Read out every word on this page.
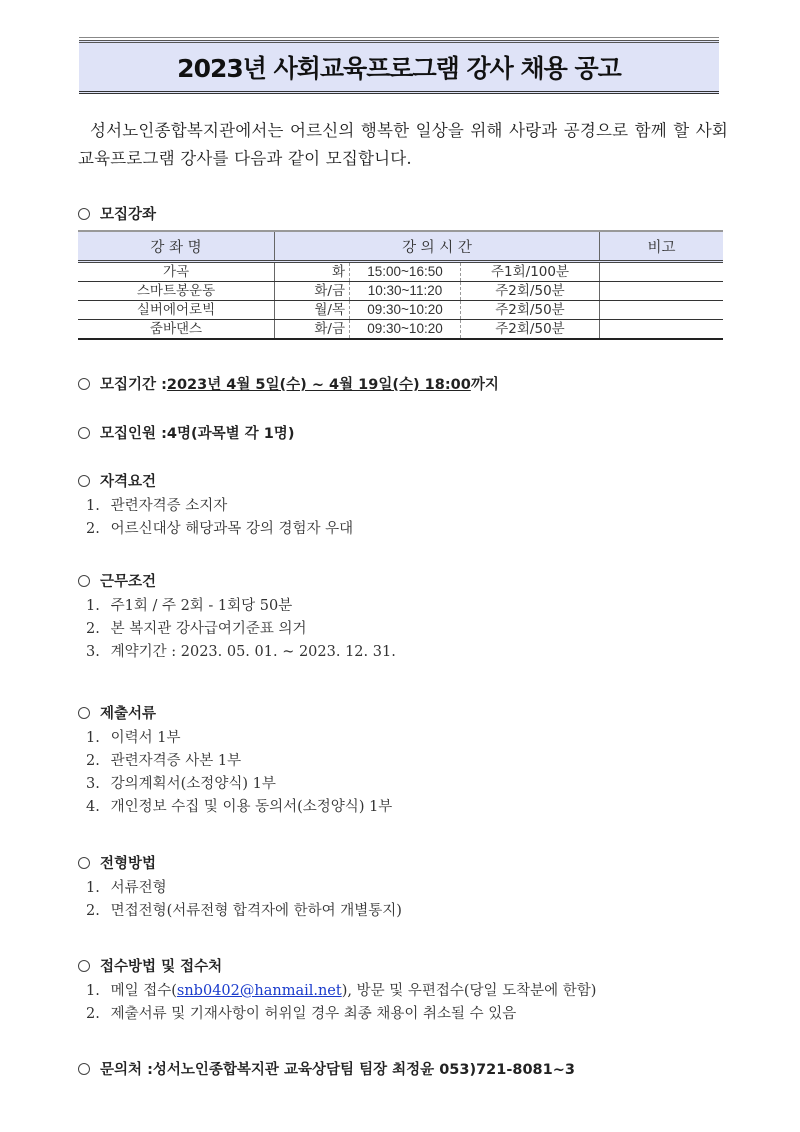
2023년 사회교육프로그램 강사 채용 공고

성서노인종합복지관에서는 어르신의 행복한 일상을 위해 사랑과 공경으로 함께 할 사회교육프로그램 강사를 다음과 같이 모집합니다.

모집강좌
강 좌 명	강 의 시 간			비고
가곡	화	15:00~16:50	주1회/100분	
스마트봉운동	화/금	10:30~11:20	주2회/50분	
실버에어로빅	월/목	09:30~10:20	주2회/50분	
줌바댄스	화/금	09:30~10:20	주2회/50분	
모집기간 : 2023년 4월 5일(수) ~ 4월 19일(수) 18:00 까지
모집인원 : 4명(과목별 각 1명)
자격요건
1. 관련자격증 소지자
2. 어르신대상 해당과목 강의 경험자 우대
근무조건
1. 주1회 / 주 2회 - 1회당 50분
2. 본 복지관 강사급여기준표 의거
3. 계약기간 : 2023. 05. 01. ~ 2023. 12. 31.
제출서류
1. 이력서 1부
2. 관련자격증 사본 1부
3. 강의계획서(소정양식) 1부
4. 개인정보 수집 및 이용 동의서(소정양식) 1부
전형방법
1. 서류전형
2. 면접전형(서류전형 합격자에 한하여 개별통지)
접수방법 및 접수처
1. 메일 접수(snb0402@hanmail.net), 방문 및 우편접수(당일 도착분에 한함)
2. 제출서류 및 기재사항이 허위일 경우 최종 채용이 취소될 수 있음
문의처 : 성서노인종합복지관 교육상담팀 팀장 최정윤 053)721-8081~3
